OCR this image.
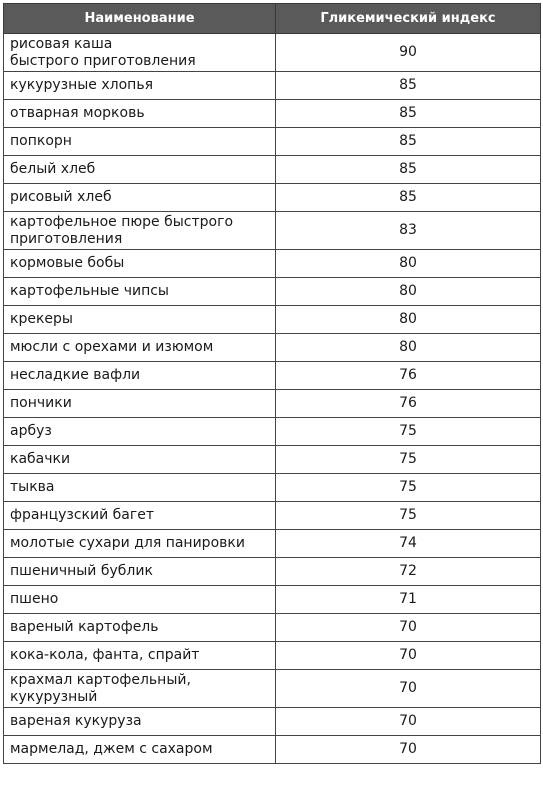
Наименование	Гликемический индекс
рисовая каша
быстрого приготовления	90
кукурузные хлопья	85
отварная морковь	85
попкорн	85
белый хлеб	85
рисовый хлеб	85
картофельное пюре быстрого
приготовления	83
кормовые бобы	80
картофельные чипсы	80
крекеры	80
мюсли с орехами и изюмом	80
несладкие вафли	76
пончики	76
арбуз	75
кабачки	75
тыква	75
французский багет	75
молотые сухари для панировки	74
пшеничный бублик	72
пшено	71
вареный картофель	70
кока-кола, фанта, спрайт	70
крахмал картофельный,
кукурузный	70
вареная кукуруза	70
мармелад, джем с сахаром	70
